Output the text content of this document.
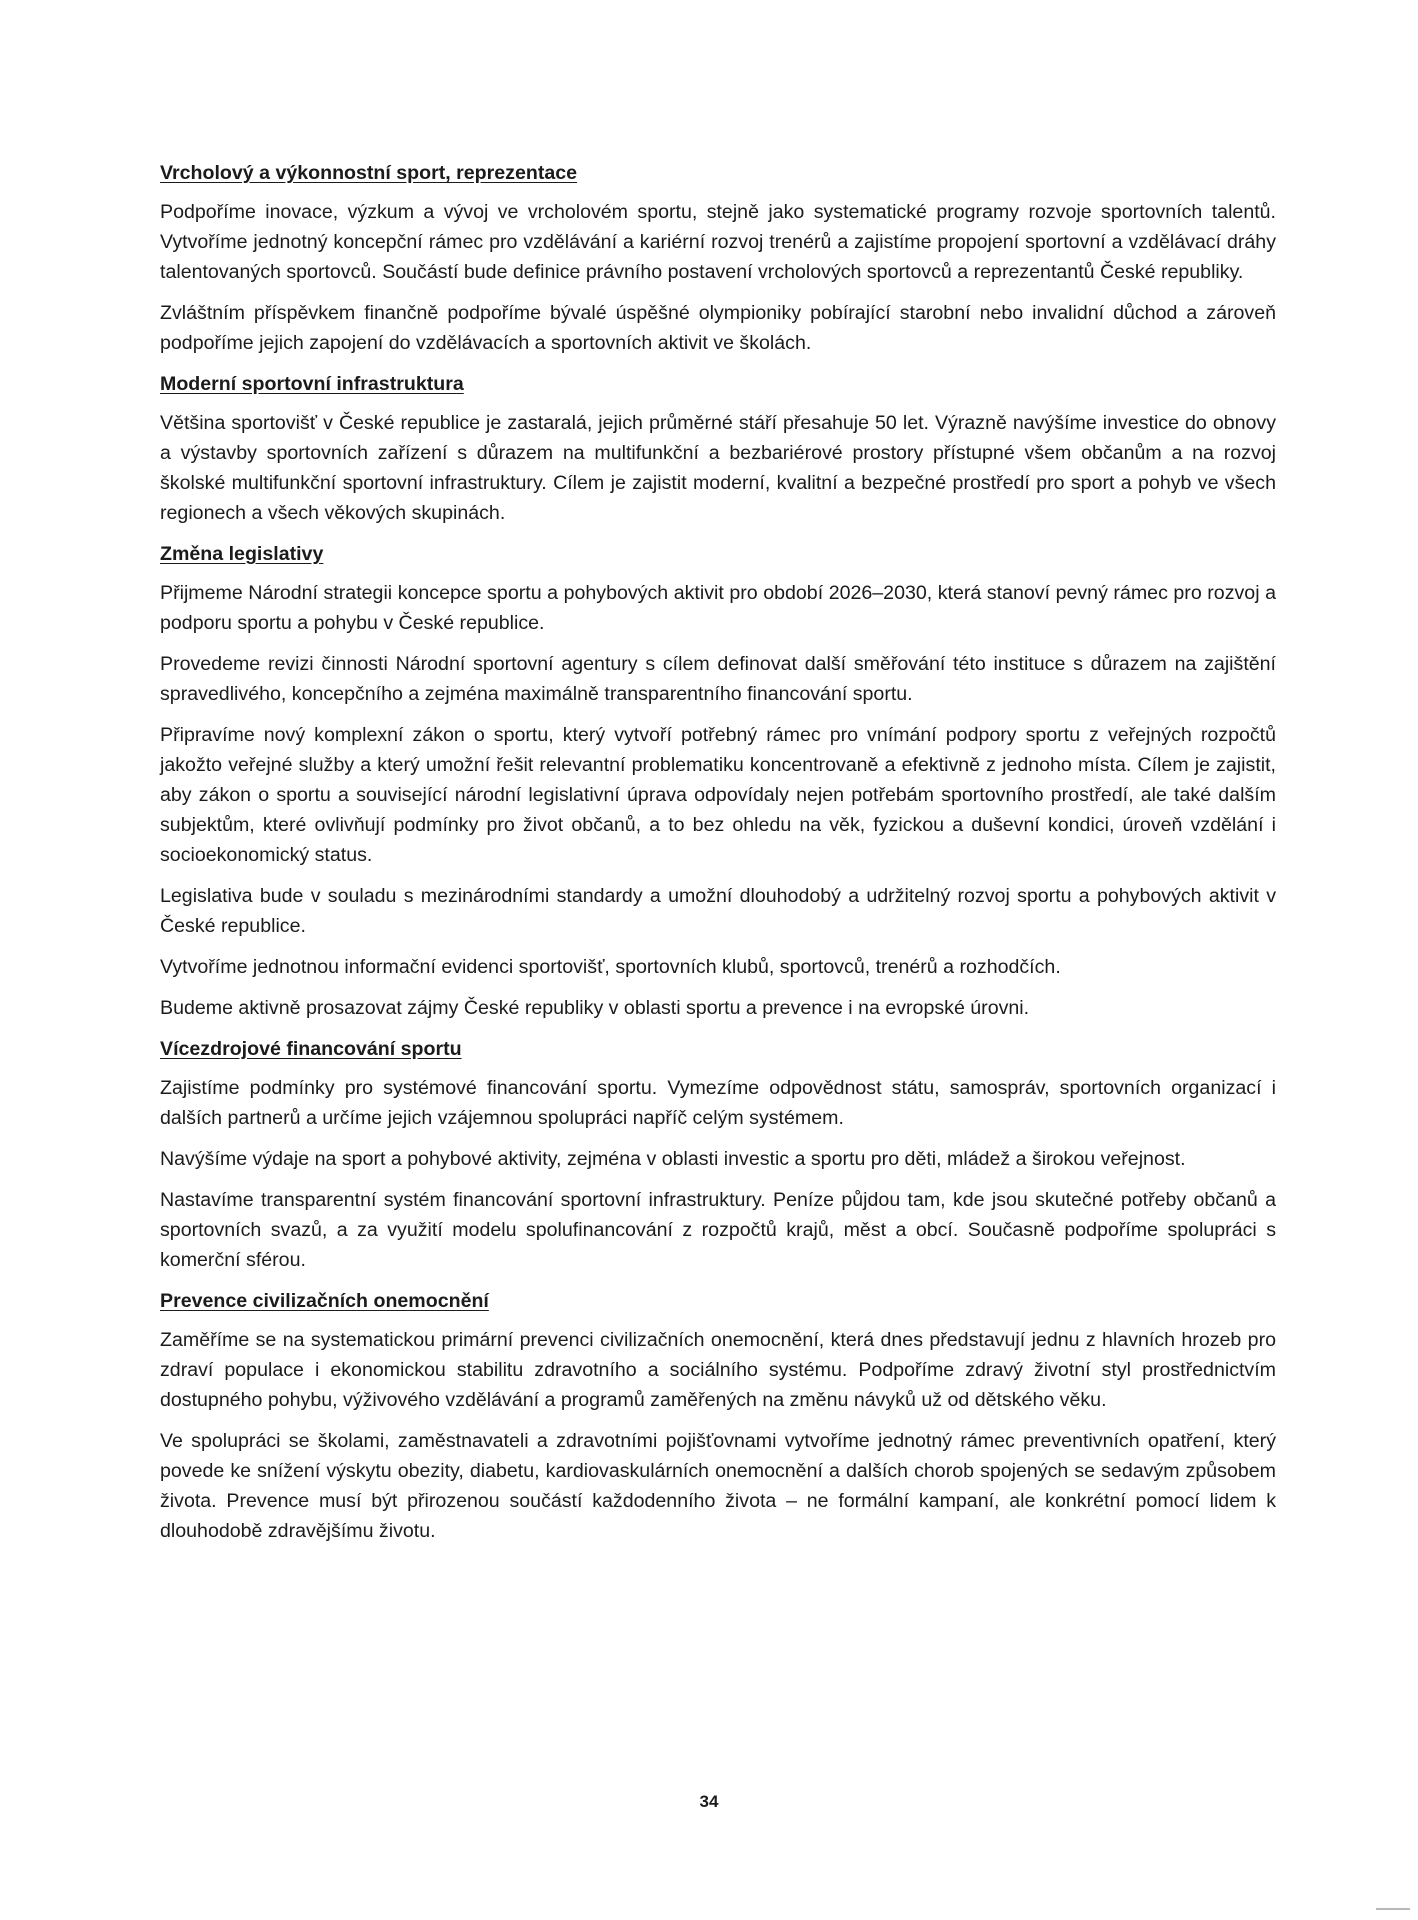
Vrcholový a výkonnostní sport, reprezentace

Podpoříme inovace, výzkum a vývoj ve vrcholovém sportu, stejně jako systematické programy rozvoje sportovních talentů. Vytvoříme jednotný koncepční rámec pro vzdělávání a kariérní rozvoj trenérů a zajistíme propojení sportovní a vzdělávací dráhy talentovaných sportovců. Součástí bude definice právního postavení vrcholových sportovců a reprezentantů České republiky.

Zvláštním příspěvkem finančně podpoříme bývalé úspěšné olympioniky pobírající starobní nebo invalidní důchod a zároveň podpoříme jejich zapojení do vzdělávacích a sportovních aktivit ve školách.

Moderní sportovní infrastruktura

Většina sportovišť v České republice je zastaralá, jejich průměrné stáří přesahuje 50 let. Výrazně navýšíme investice do obnovy a výstavby sportovních zařízení s důrazem na multifunkční a bezbariérové prostory přístupné všem občanům a na rozvoj školské multifunkční sportovní infrastruktury. Cílem je zajistit moderní, kvalitní a bezpečné prostředí pro sport a pohyb ve všech regionech a všech věkových skupinách.

Změna legislativy

Přijmeme Národní strategii koncepce sportu a pohybových aktivit pro období 2026–2030, která stanoví pevný rámec pro rozvoj a podporu sportu a pohybu v České republice.

Provedeme revizi činnosti Národní sportovní agentury s cílem definovat další směřování této instituce s důrazem na zajištění spravedlivého, koncepčního a zejména maximálně transparentního financování sportu.

Připravíme nový komplexní zákon o sportu, který vytvoří potřebný rámec pro vnímání podpory sportu z veřejných rozpočtů jakožto veřejné služby a který umožní řešit relevantní problematiku koncentrovaně a efektivně z jednoho místa. Cílem je zajistit, aby zákon o sportu a související národní legislativní úprava odpovídaly nejen potřebám sportovního prostředí, ale také dalším subjektům, které ovlivňují podmínky pro život občanů, a to bez ohledu na věk, fyzickou a duševní kondici, úroveň vzdělání i socioekonomický status.

Legislativa bude v souladu s mezinárodními standardy a umožní dlouhodobý a udržitelný rozvoj sportu a pohybových aktivit v České republice.

Vytvoříme jednotnou informační evidenci sportovišť, sportovních klubů, sportovců, trenérů a rozhodčích.

Budeme aktivně prosazovat zájmy České republiky v oblasti sportu a prevence i na evropské úrovni.

Vícezdrojové financování sportu

Zajistíme podmínky pro systémové financování sportu. Vymezíme odpovědnost státu, samospráv, sportovních organizací i dalších partnerů a určíme jejich vzájemnou spolupráci napříč celým systémem.

Navýšíme výdaje na sport a pohybové aktivity, zejména v oblasti investic a sportu pro děti, mládež a širokou veřejnost.

Nastavíme transparentní systém financování sportovní infrastruktury. Peníze půjdou tam, kde jsou skutečné potřeby občanů a sportovních svazů, a za využití modelu spolufinancování z rozpočtů krajů, měst a obcí. Současně podpoříme spolupráci s komerční sférou.

Prevence civilizačních onemocnění

Zaměříme se na systematickou primární prevenci civilizačních onemocnění, která dnes představují jednu z hlavních hrozeb pro zdraví populace i ekonomickou stabilitu zdravotního a sociálního systému. Podpoříme zdravý životní styl prostřednictvím dostupného pohybu, výživového vzdělávání a programů zaměřených na změnu návyků už od dětského věku.

Ve spolupráci se školami, zaměstnavateli a zdravotními pojišťovnami vytvoříme jednotný rámec preventivních opatření, který povede ke snížení výskytu obezity, diabetu, kardiovaskulárních onemocnění a dalších chorob spojených se sedavým způsobem života. Prevence musí být přirozenou součástí každodenního života – ne formální kampaní, ale konkrétní pomocí lidem k dlouhodobě zdravějšímu životu.

34
